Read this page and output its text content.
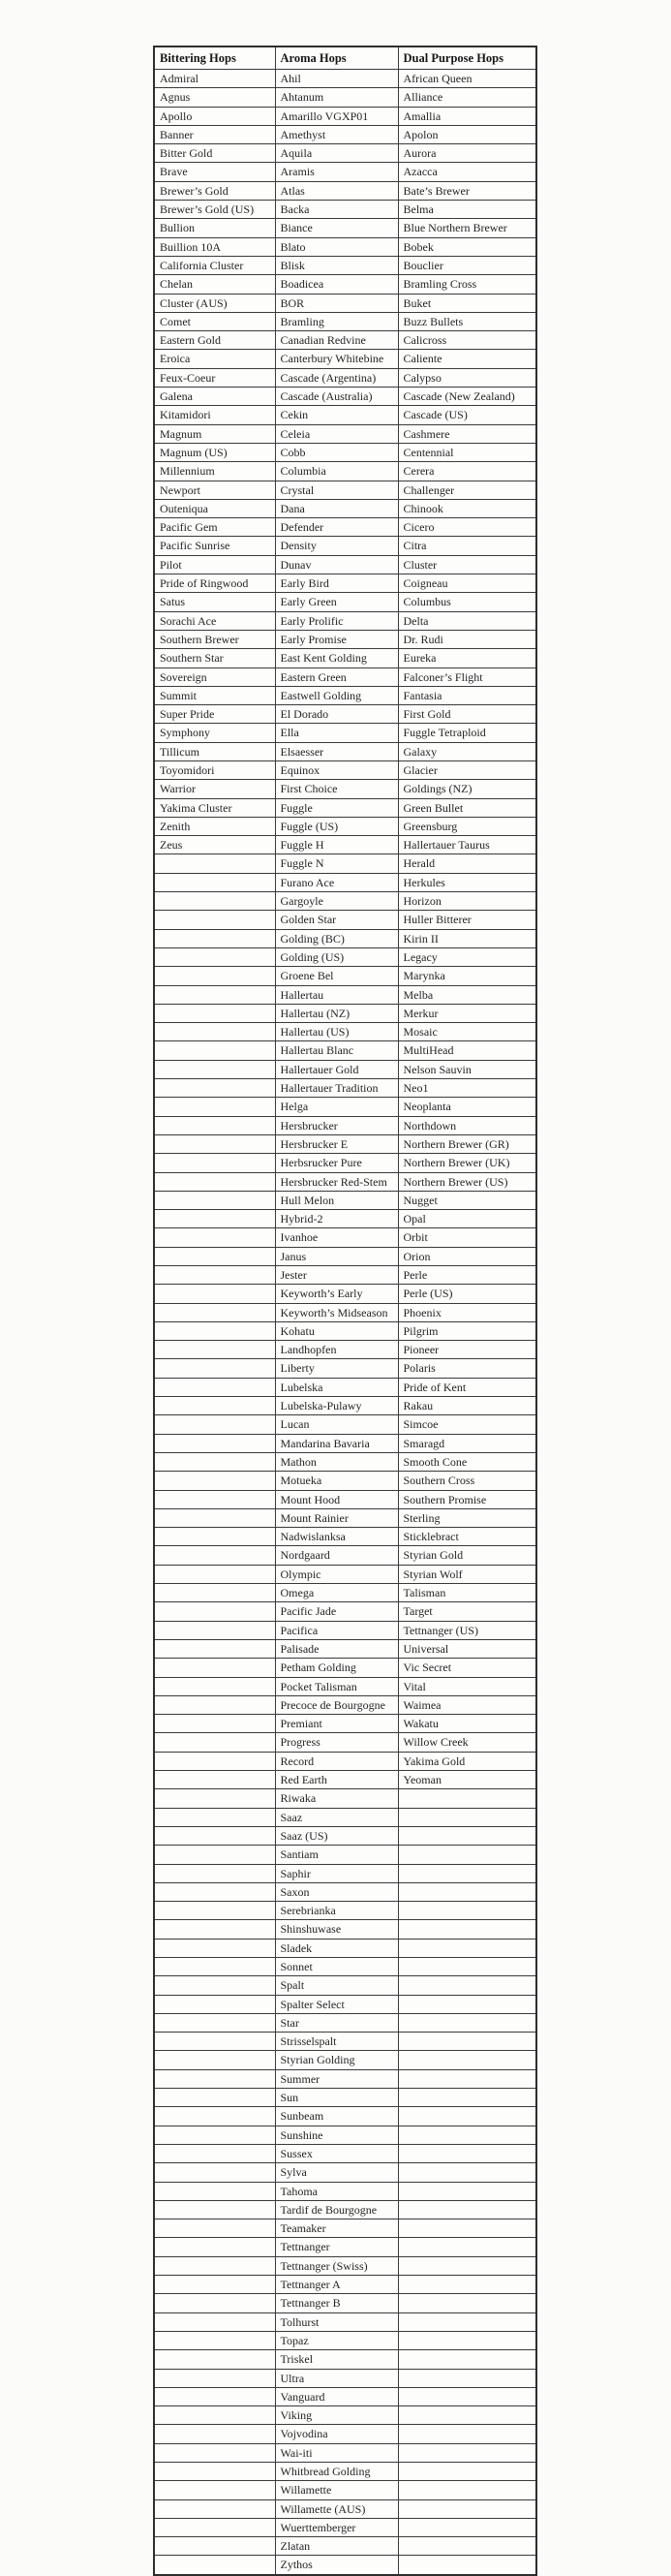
Bittering Hops	Aroma Hops	Dual Purpose Hops
Admiral	Ahil	African Queen
Agnus	Ahtanum	Alliance
Apollo	Amarillo VGXP01	Amallia
Banner	Amethyst	Apolon
Bitter Gold	Aquila	Aurora
Brave	Aramis	Azacca
Brewer’s Gold	Atlas	Bate’s Brewer
Brewer’s Gold (US)	Backa	Belma
Bullion	Biance	Blue Northern Brewer
Buillion 10A	Blato	Bobek
California Cluster	Blisk	Bouclier
Chelan	Boadicea	Bramling Cross
Cluster (AUS)	BOR	Buket
Comet	Bramling	Buzz Bullets
Eastern Gold	Canadian Redvine	Calicross
Eroica	Canterbury Whitebine	Caliente
Feux-Coeur	Cascade (Argentina)	Calypso
Galena	Cascade (Australia)	Cascade (New Zealand)
Kitamidori	Cekin	Cascade (US)
Magnum	Celeia	Cashmere
Magnum (US)	Cobb	Centennial
Millennium	Columbia	Cerera
Newport	Crystal	Challenger
Outeniqua	Dana	Chinook
Pacific Gem	Defender	Cicero
Pacific Sunrise	Density	Citra
Pilot	Dunav	Cluster
Pride of Ringwood	Early Bird	Coigneau
Satus	Early Green	Columbus
Sorachi Ace	Early Prolific	Delta
Southern Brewer	Early Promise	Dr. Rudi
Southern Star	East Kent Golding	Eureka
Sovereign	Eastern Green	Falconer’s Flight
Summit	Eastwell Golding	Fantasia
Super Pride	El Dorado	First Gold
Symphony	Ella	Fuggle Tetraploid
Tillicum	Elsaesser	Galaxy
Toyomidori	Equinox	Glacier
Warrior	First Choice	Goldings (NZ)
Yakima Cluster	Fuggle	Green Bullet
Zenith	Fuggle (US)	Greensburg
Zeus	Fuggle H	Hallertauer Taurus
	Fuggle N	Herald
	Furano Ace	Herkules
	Gargoyle	Horizon
	Golden Star	Huller Bitterer
	Golding (BC)	Kirin II
	Golding (US)	Legacy
	Groene Bel	Marynka
	Hallertau	Melba
	Hallertau (NZ)	Merkur
	Hallertau (US)	Mosaic
	Hallertau Blanc	MultiHead
	Hallertauer Gold	Nelson Sauvin
	Hallertauer Tradition	Neo1
	Helga	Neoplanta
	Hersbrucker	Northdown
	Hersbrucker E	Northern Brewer (GR)
	Herbsrucker Pure	Northern Brewer (UK)
	Hersbrucker Red-Stem	Northern Brewer (US)
	Hull Melon	Nugget
	Hybrid-2	Opal
	Ivanhoe	Orbit
	Janus	Orion
	Jester	Perle
	Keyworth’s Early	Perle (US)
	Keyworth’s Midseason	Phoenix
	Kohatu	Pilgrim
	Landhopfen	Pioneer
	Liberty	Polaris
	Lubelska	Pride of Kent
	Lubelska-Pulawy	Rakau
	Lucan	Simcoe
	Mandarina Bavaria	Smaragd
	Mathon	Smooth Cone
	Motueka	Southern Cross
	Mount Hood	Southern Promise
	Mount Rainier	Sterling
	Nadwislanksa	Sticklebract
	Nordgaard	Styrian Gold
	Olympic	Styrian Wolf
	Omega	Talisman
	Pacific Jade	Target
	Pacifica	Tettnanger (US)
	Palisade	Universal
	Petham Golding	Vic Secret
	Pocket Talisman	Vital
	Precoce de Bourgogne	Waimea
	Premiant	Wakatu
	Progress	Willow Creek
	Record	Yakima Gold
	Red Earth	Yeoman
	Riwaka	
	Saaz	
	Saaz (US)	
	Santiam	
	Saphir	
	Saxon	
	Serebrianka	
	Shinshuwase	
	Sladek	
	Sonnet	
	Spalt	
	Spalter Select	
	Star	
	Strisselspalt	
	Styrian Golding	
	Summer	
	Sun	
	Sunbeam	
	Sunshine	
	Sussex	
	Sylva	
	Tahoma	
	Tardif de Bourgogne	
	Teamaker	
	Tettnanger	
	Tettnanger (Swiss)	
	Tettnanger A	
	Tettnanger B	
	Tolhurst	
	Topaz	
	Triskel	
	Ultra	
	Vanguard	
	Viking	
	Vojvodina	
	Wai-iti	
	Whitbread Golding	
	Willamette	
	Willamette (AUS)	
	Wuerttemberger	
	Zlatan	
	Zythos	
